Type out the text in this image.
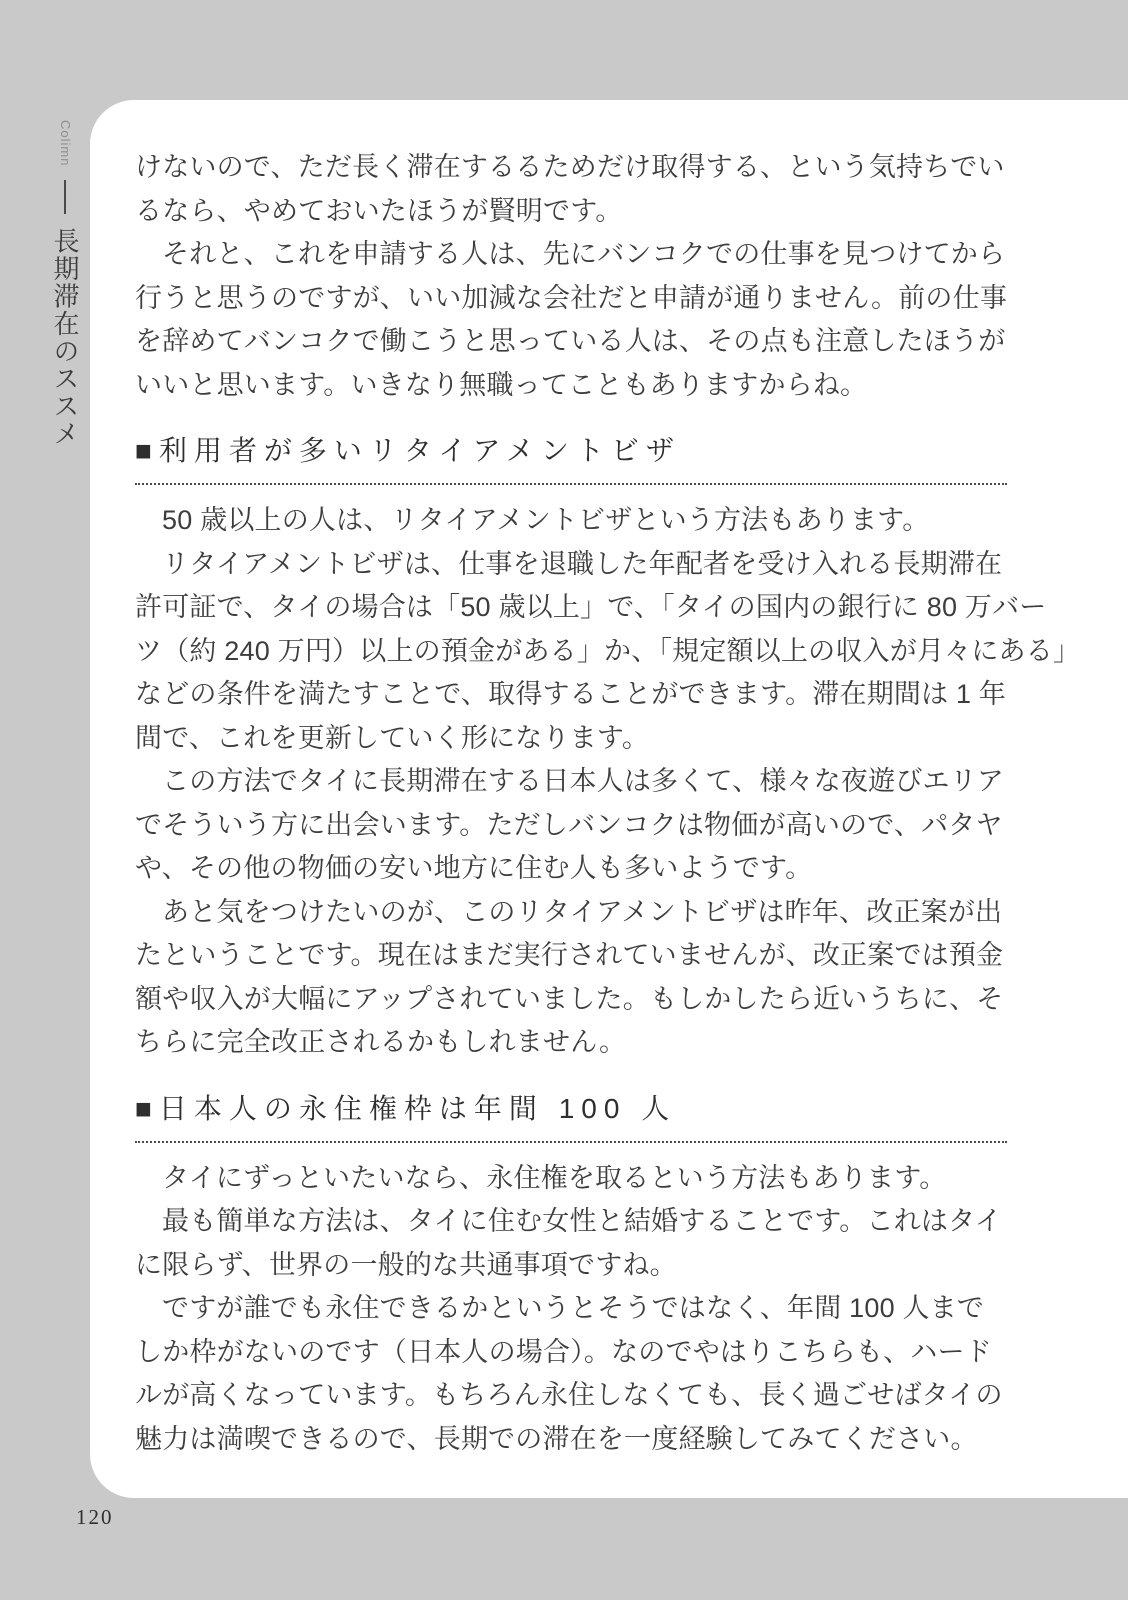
Colimn  長期滞在のススメ
けないので、ただ長く滞在するるためだけ取得する、という気持ちでい
るなら、やめておいたほうが賢明です。
それと、これを申請する人は、先にバンコクでの仕事を見つけてから
行うと思うのですが、いい加減な会社だと申請が通りません。前の仕事
を辞めてバンコクで働こうと思っている人は、その点も注意したほうが
いいと思います。いきなり無職ってこともありますからね。
■利用者が多いリタイアメントビザ
50 歳以上の人は、リタイアメントビザという方法もあります。
リタイアメントビザは、仕事を退職した年配者を受け入れる長期滞在
許可証で、タイの場合は「50 歳以上」で、「タイの国内の銀行に 80 万バー
ツ（約 240 万円）以上の預金がある」か、「規定額以上の収入が月々にある」
などの条件を満たすことで、取得することができます。滞在期間は 1 年
間で、これを更新していく形になります。
この方法でタイに長期滞在する日本人は多くて、様々な夜遊びエリア
でそういう方に出会います。ただしバンコクは物価が高いので、パタヤ
や、その他の物価の安い地方に住む人も多いようです。
あと気をつけたいのが、このリタイアメントビザは昨年、改正案が出
たということです。現在はまだ実行されていませんが、改正案では預金
額や収入が大幅にアップされていました。もしかしたら近いうちに、そ
ちらに完全改正されるかもしれません。
■日本人の永住権枠は年間 100 人
タイにずっといたいなら、永住権を取るという方法もあります。
最も簡単な方法は、タイに住む女性と結婚することです。これはタイ
に限らず、世界の一般的な共通事項ですね。
ですが誰でも永住できるかというとそうではなく、年間 100 人まで
しか枠がないのです（日本人の場合）。なのでやはりこちらも、ハード
ルが高くなっています。もちろん永住しなくても、長く過ごせばタイの
魅力は満喫できるので、長期での滞在を一度経験してみてください。
120
